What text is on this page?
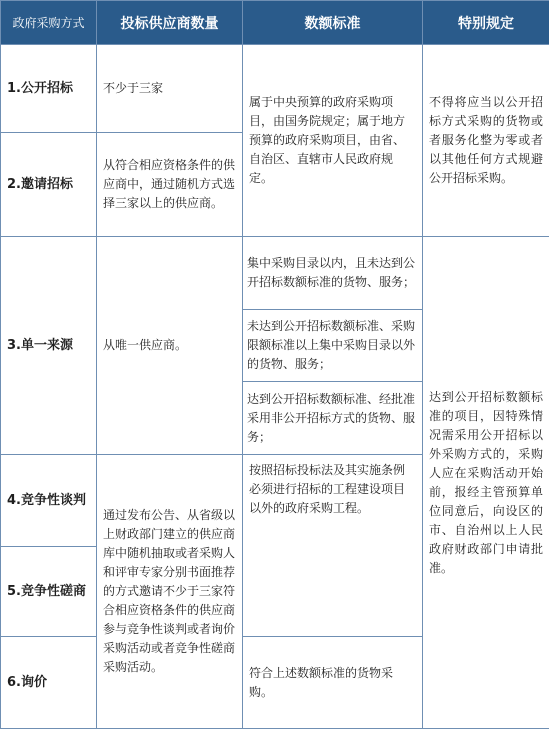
政府采购方式	投标供应商数量	数额标准	特别规定
1.公开招标	不少于三家	属于中央预算的政府采购项目，由国务院规定；属于地方预算的政府采购项目，由省、自治区、直辖市人民政府规定。	不得将应当以公开招标方式采购的货物或者服务化整为零或者以其他任何方式规避公开招标采购。
2.邀请招标	从符合相应资格条件的供应商中，通过随机方式选择三家以上的供应商。		
3.单一来源	从唯一供应商。	集中采购目录以内，且未达到公开招标数额标准的货物、服务；
未达到公开招标数额标准、采购限额标准以上集中采购目录以外的货物、服务；
达到公开招标数额标准、经批准采用非公开招标方式的货物、服务；	达到公开招标数额标准的项目，因特殊情况需采用公开招标以外采购方式的，采购人应在采购活动开始前，报经主管预算单位同意后，向设区的市、自治州以上人民政府财政部门申请批准。
4.竞争性谈判	通过发布公告、从省级以上财政部门建立的供应商库中随机抽取或者采购人和评审专家分别书面推荐的方式邀请不少于三家符合相应资格条件的供应商参与竞争性谈判或者询价采购活动或者竞争性磋商采购活动。	按照招标投标法及其实施条例必须进行招标的工程建设项目以外的政府采购工程。	
5.竞争性磋商			
6.询价		符合上述数额标准的货物采购。	
